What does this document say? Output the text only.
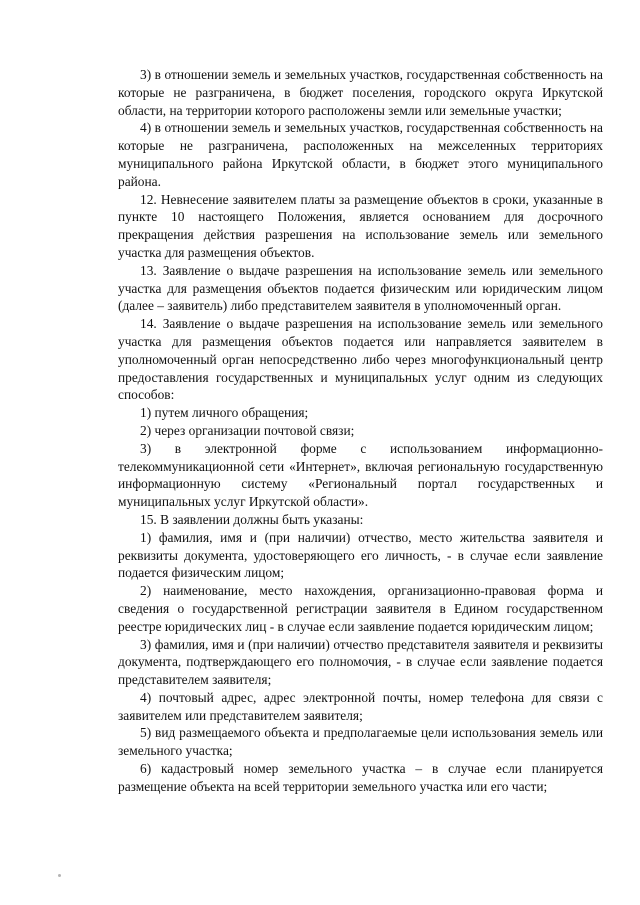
3) в отношении земель и земельных участков, государственная собственность на которые не разграничена, в бюджет поселения, городского округа Иркутской области, на территории которого расположены земли или земельные участки;

4) в отношении земель и земельных участков, государственная собственность на которые не разграничена, расположенных на межселенных территориях муниципального района Иркутской области, в бюджет этого муниципального района.

12. Невнесение заявителем платы за размещение объектов в сроки, указанные в пункте 10 настоящего Положения, является основанием для досрочного прекращения действия разрешения на использование земель или земельного участка для размещения объектов.

13. Заявление о выдаче разрешения на использование земель или земельного участка для размещения объектов подается физическим или юридическим лицом (далее – заявитель) либо представителем заявителя в уполномоченный орган.

14. Заявление о выдаче разрешения на использование земель или земельного участка для размещения объектов подается или направляется заявителем в уполномоченный орган непосредственно либо через многофункциональный центр предоставления государственных и муниципальных услуг одним из следующих способов:

1) путем личного обращения;

2) через организации почтовой связи;

3) в электронной форме с использованием информационно-телекоммуникационной сети «Интернет», включая региональную государственную информационную систему «Региональный портал государственных и муниципальных услуг Иркутской области».

15. В заявлении должны быть указаны:

1) фамилия, имя и (при наличии) отчество, место жительства заявителя и реквизиты документа, удостоверяющего его личность, - в случае если заявление подается физическим лицом;

2) наименование, место нахождения, организационно-правовая форма и сведения о государственной регистрации заявителя в Едином государственном реестре юридических лиц - в случае если заявление подается юридическим лицом;

3) фамилия, имя и (при наличии) отчество представителя заявителя и реквизиты документа, подтверждающего его полномочия, - в случае если заявление подается представителем заявителя;

4) почтовый адрес, адрес электронной почты, номер телефона для связи с заявителем или представителем заявителя;

5) вид размещаемого объекта и предполагаемые цели использования земель или земельного участка;

6) кадастровый номер земельного участка – в случае если планируется размещение объекта на всей территории земельного участка или его части;
